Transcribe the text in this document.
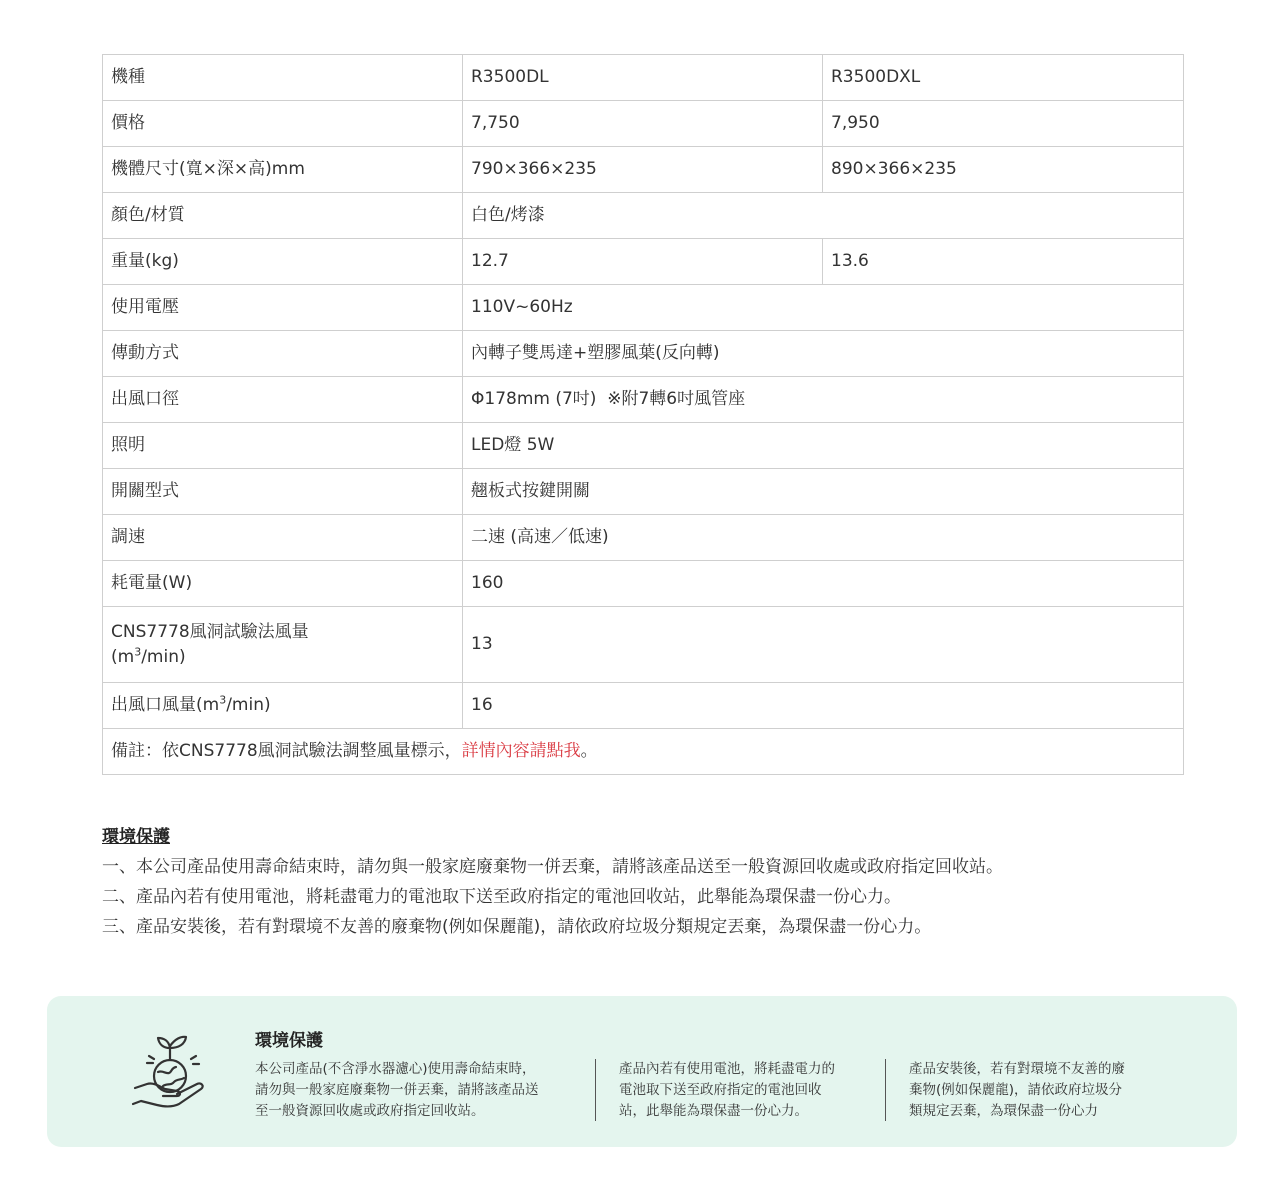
機種	R3500DL	R3500DXL
價格	7,750	7,950
機體尺寸(寬×深×高)mm	790×366×235	890×366×235
顏色/材質	白色/烤漆	
重量(kg)	12.7	13.6
使用電壓	110V~60Hz	
傳動方式	內轉子雙馬達+塑膠風葉(反向轉)	
出風口徑	Φ178mm (7吋)  ※附7轉6吋風管座	
照明	LED燈 5W	
開關型式	翹板式按鍵開關	
調速	二速 (高速／低速)	
耗電量(W)	160	
CNS7778風洞試驗法風量
$(m^3/\min)$	13	
出風口風量$(m^3/\min)$	16	
備註：依CNS7778風洞試驗法調整風量標示，詳情內容請點我。		
環境保護
一、本公司產品使用壽命結束時，請勿與一般家庭廢棄物一併丟棄，請將該產品送至一般資源回收處或政府指定回收站。
二、產品內若有使用電池，將耗盡電力的電池取下送至政府指定的電池回收站，此舉能為環保盡一份心力。
三、產品安裝後，若有對環境不友善的廢棄物(例如保麗龍)，請依政府垃圾分類規定丟棄，為環保盡一份心力。
環境保護
本公司產品(不含淨水器濾心)使用壽命結束時，
請勿與一般家庭廢棄物一併丟棄，請將該產品送
至一般資源回收處或政府指定回收站。
產品內若有使用電池，將耗盡電力的
電池取下送至政府指定的電池回收
站，此舉能為環保盡一份心力。
產品安裝後，若有對環境不友善的廢
棄物(例如保麗龍)，請依政府垃圾分
類規定丟棄，為環保盡一份心力
